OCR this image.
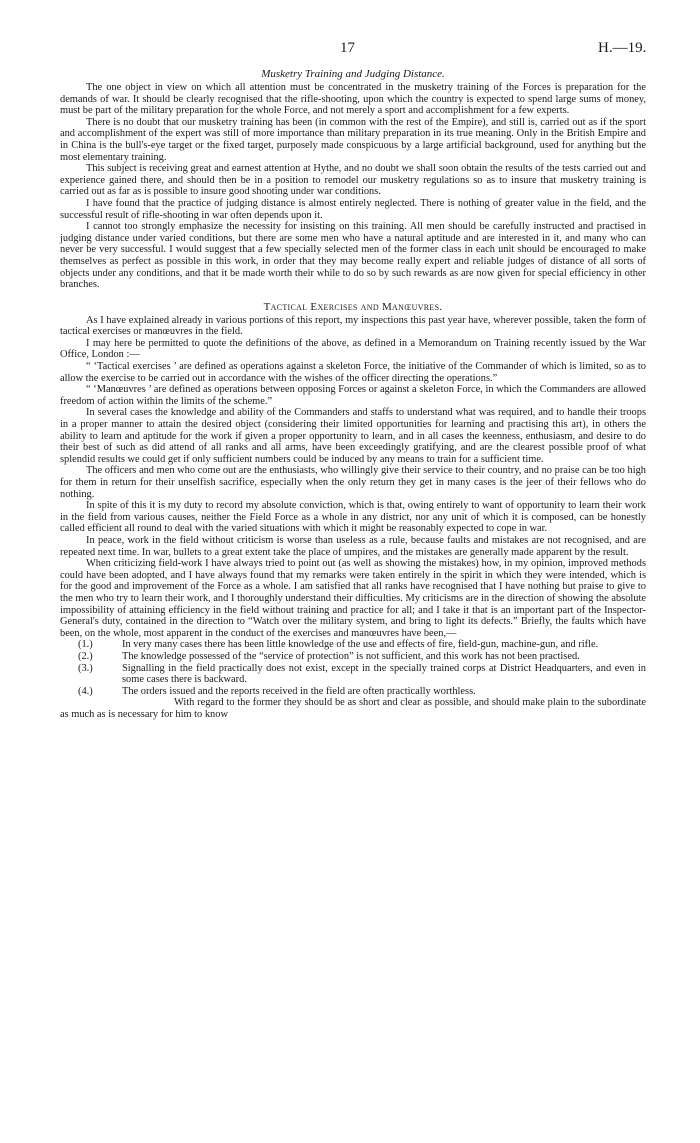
17	H.—19.
Musketry Training and Judging Distance.

The one object in view on which all attention must be concentrated in the musketry training of the Forces is preparation for the demands of war. It should be clearly recognised that the rifle-shooting, upon which the country is expected to spend large sums of money, must be part of the military preparation for the whole Force, and not merely a sport and accomplishment for a few experts.

There is no doubt that our musketry training has been (in common with the rest of the Empire), and still is, carried out as if the sport and accomplishment of the expert was still of more importance than military preparation in its true meaning. Only in the British Empire and in China is the bull's-eye target or the fixed target, purposely made conspicuous by a large artificial background, used for anything but the most elementary training.

This subject is receiving great and earnest attention at Hythe, and no doubt we shall soon obtain the results of the tests carried out and experience gained there, and should then be in a position to remodel our musketry regulations so as to insure that musketry training is carried out as far as is possible to insure good shooting under war conditions.

I have found that the practice of judging distance is almost entirely neglected. There is nothing of greater value in the field, and the successful result of rifle-shooting in war often depends upon it.

I cannot too strongly emphasize the necessity for insisting on this training. All men should be carefully instructed and practised in judging distance under varied conditions, but there are some men who have a natural aptitude and are interested in it, and many who can never be very successful. I would suggest that a few specially selected men of the former class in each unit should be encouraged to make themselves as perfect as possible in this work, in order that they may become really expert and reliable judges of distance of all sorts of objects under any conditions, and that it be made worth their while to do so by such rewards as are now given for special efficiency in other branches.

Tactical Exercises and Manœuvres.

As I have explained already in various portions of this report, my inspections this past year have, wherever possible, taken the form of tactical exercises or manœuvres in the field.

I may here be permitted to quote the definitions of the above, as defined in a Memorandum on Training recently issued by the War Office, London :—

“ ‘Tactical exercises ’ are defined as operations against a skeleton Force, the initiative of the Commander of which is limited, so as to allow the exercise to be carried out in accordance with the wishes of the officer directing the operations.”

“ ‘Manœuvres ’ are defined as operations between opposing Forces or against a skeleton Force, in which the Commanders are allowed freedom of action within the limits of the scheme.”

In several cases the knowledge and ability of the Commanders and staffs to understand what was required, and to handle their troops in a proper manner to attain the desired object (considering their limited opportunities for learning and practising this art), in others the ability to learn and aptitude for the work if given a proper opportunity to learn, and in all cases the keenness, enthusiasm, and desire to do their best of such as did attend of all ranks and all arms, have been exceedingly gratifying, and are the clearest possible proof of what splendid results we could get if only sufficient numbers could be induced by any means to train for a sufficient time.

The officers and men who come out are the enthusiasts, who willingly give their service to their country, and no praise can be too high for them in return for their unselfish sacrifice, especially when the only return they get in many cases is the jeer of their fellows who do nothing.

In spite of this it is my duty to record my absolute conviction, which is that, owing entirely to want of opportunity to learn their work in the field from various causes, neither the Field Force as a whole in any district, nor any unit of which it is composed, can be honestly called efficient all round to deal with the varied situations with which it might be reasonably expected to cope in war.

In peace, work in the field without criticism is worse than useless as a rule, because faults and mistakes are not recognised, and are repeated next time. In war, bullets to a great extent take the place of umpires, and the mistakes are generally made apparent by the result.

When criticizing field-work I have always tried to point out (as well as showing the mistakes) how, in my opinion, improved methods could have been adopted, and I have always found that my remarks were taken entirely in the spirit in which they were intended, which is for the good and improvement of the Force as a whole. I am satisfied that all ranks have recognised that I have nothing but praise to give to the men who try to learn their work, and I thoroughly understand their difficulties. My criticisms are in the direction of showing the absolute impossibility of attaining efficiency in the field without training and practice for all; and I take it that is an important part of the Inspector-General's duty, contained in the direction to “Watch over the military system, and bring to light its defects.” Briefly, the faults which have been, on the whole, most apparent in the conduct of the exercises and manœuvres have been,—

(1.)	In very many cases there has been little knowledge of the use and effects of fire, field-gun, machine-gun, and rifle.
(2.)	The knowledge possessed of the “service of protection” is not sufficient, and this work has not been practised.
(3.)	Signalling in the field practically does not exist, except in the specially trained corps at District Headquarters, and even in some cases there is backward.
(4.)	The orders issued and the reports received in the field are often practically worthless.

With regard to the former they should be as short and clear as possible, and should make plain to the subordinate as much as is necessary for him to know
